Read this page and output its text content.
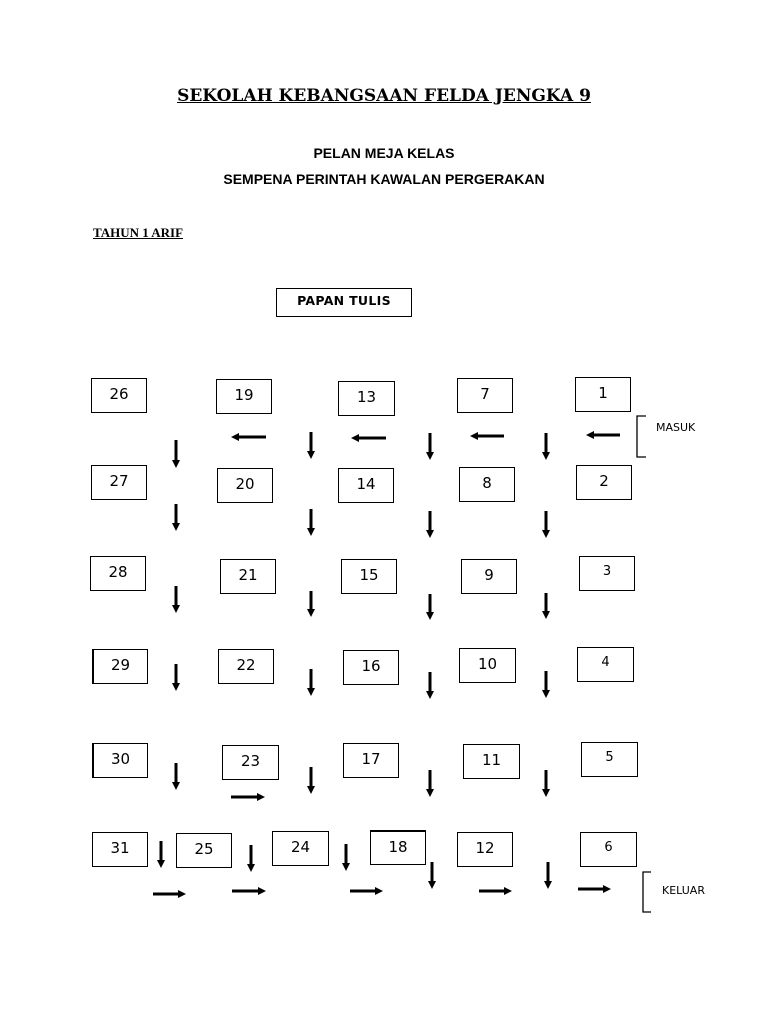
SEKOLAH KEBANGSAAN FELDA JENGKA 9
PELAN MEJA KELAS
SEMPENA PERINTAH KAWALAN PERGERAKAN
TAHUN 1 ARIF
PAPAN TULIS
26	19	13	7	1
27	20	14	8	2
28	21	15	9	3
29	22	16	10	4
30	23	17	11	5
31	25	24	18	12	6
MASUK
KELUAR
